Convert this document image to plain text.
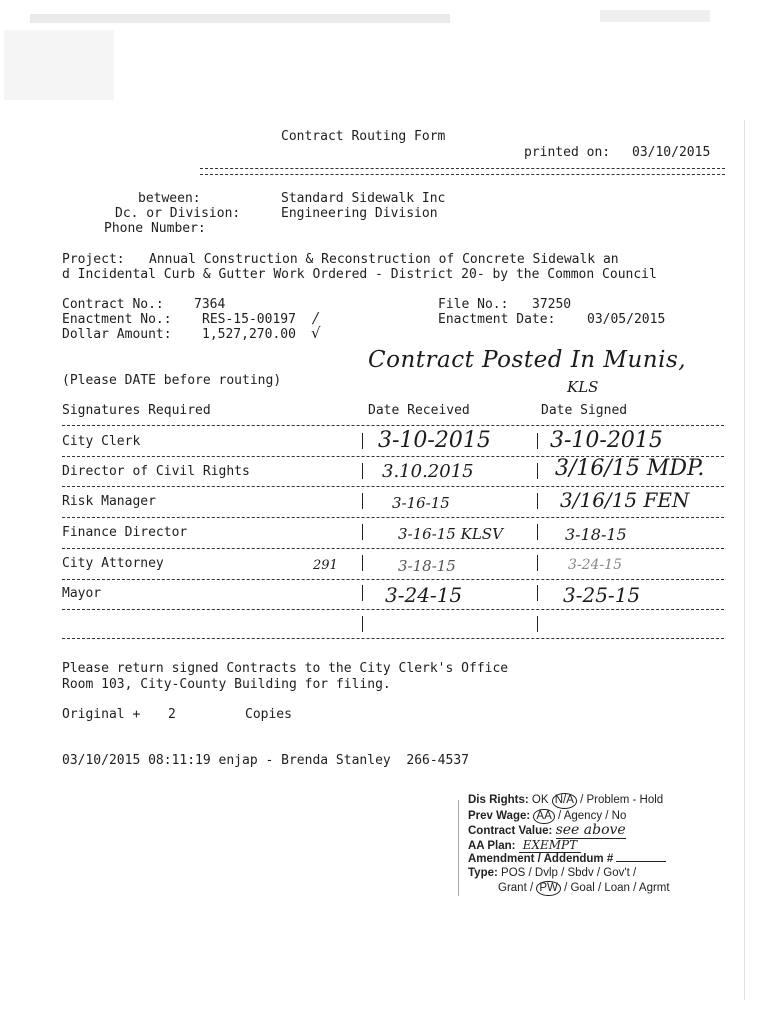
Contract Routing Form
printed on: 03/10/2015
between:	Standard Sidewalk Inc
Dc. or Division:	Engineering Division
Phone Number:
Project: Annual Construction & Reconstruction of Concrete Sidewalk an
d Incidental Curb & Gutter Work Ordered - District 20- by the Common Council
Contract No.: 7364
Enactment No.: RES-15-00197 /
Dollar Amount: 1,527,270.00 √
File No.: 37250
Enactment Date: 03/05/2015
Contract Posted In Munis,
KLS
(Please DATE before routing)
Signatures Required	Date Received	Date Signed
City Clerk	3-10-2015	3-10-2015
Director of Civil Rights	3.10.2015	3/16/15 MDP.
Risk Manager	3-16-15	3/16/15 FEN
Finance Director	3-16-15 KLSV	3-18-15
City Attorney	291	3-18-15	3-24-15
Mayor	3-24-15	3-25-15
Please return signed Contracts to the City Clerk's Office
Room 103, City-County Building for filing.
Original + 2	Copies
03/10/2015 08:11:19 enjap - Brenda Stanley  266-4537
Dis Rights: OK N/A / Problem - Hold
Prev Wage: AA / Agency / No
Contract Value: see above
AA Plan: EXEMPT
Amendment / Addendum #
Type: POS / Dvlp / Sbdv / Gov't /
Grant / PW / Goal / Loan / Agrmt
